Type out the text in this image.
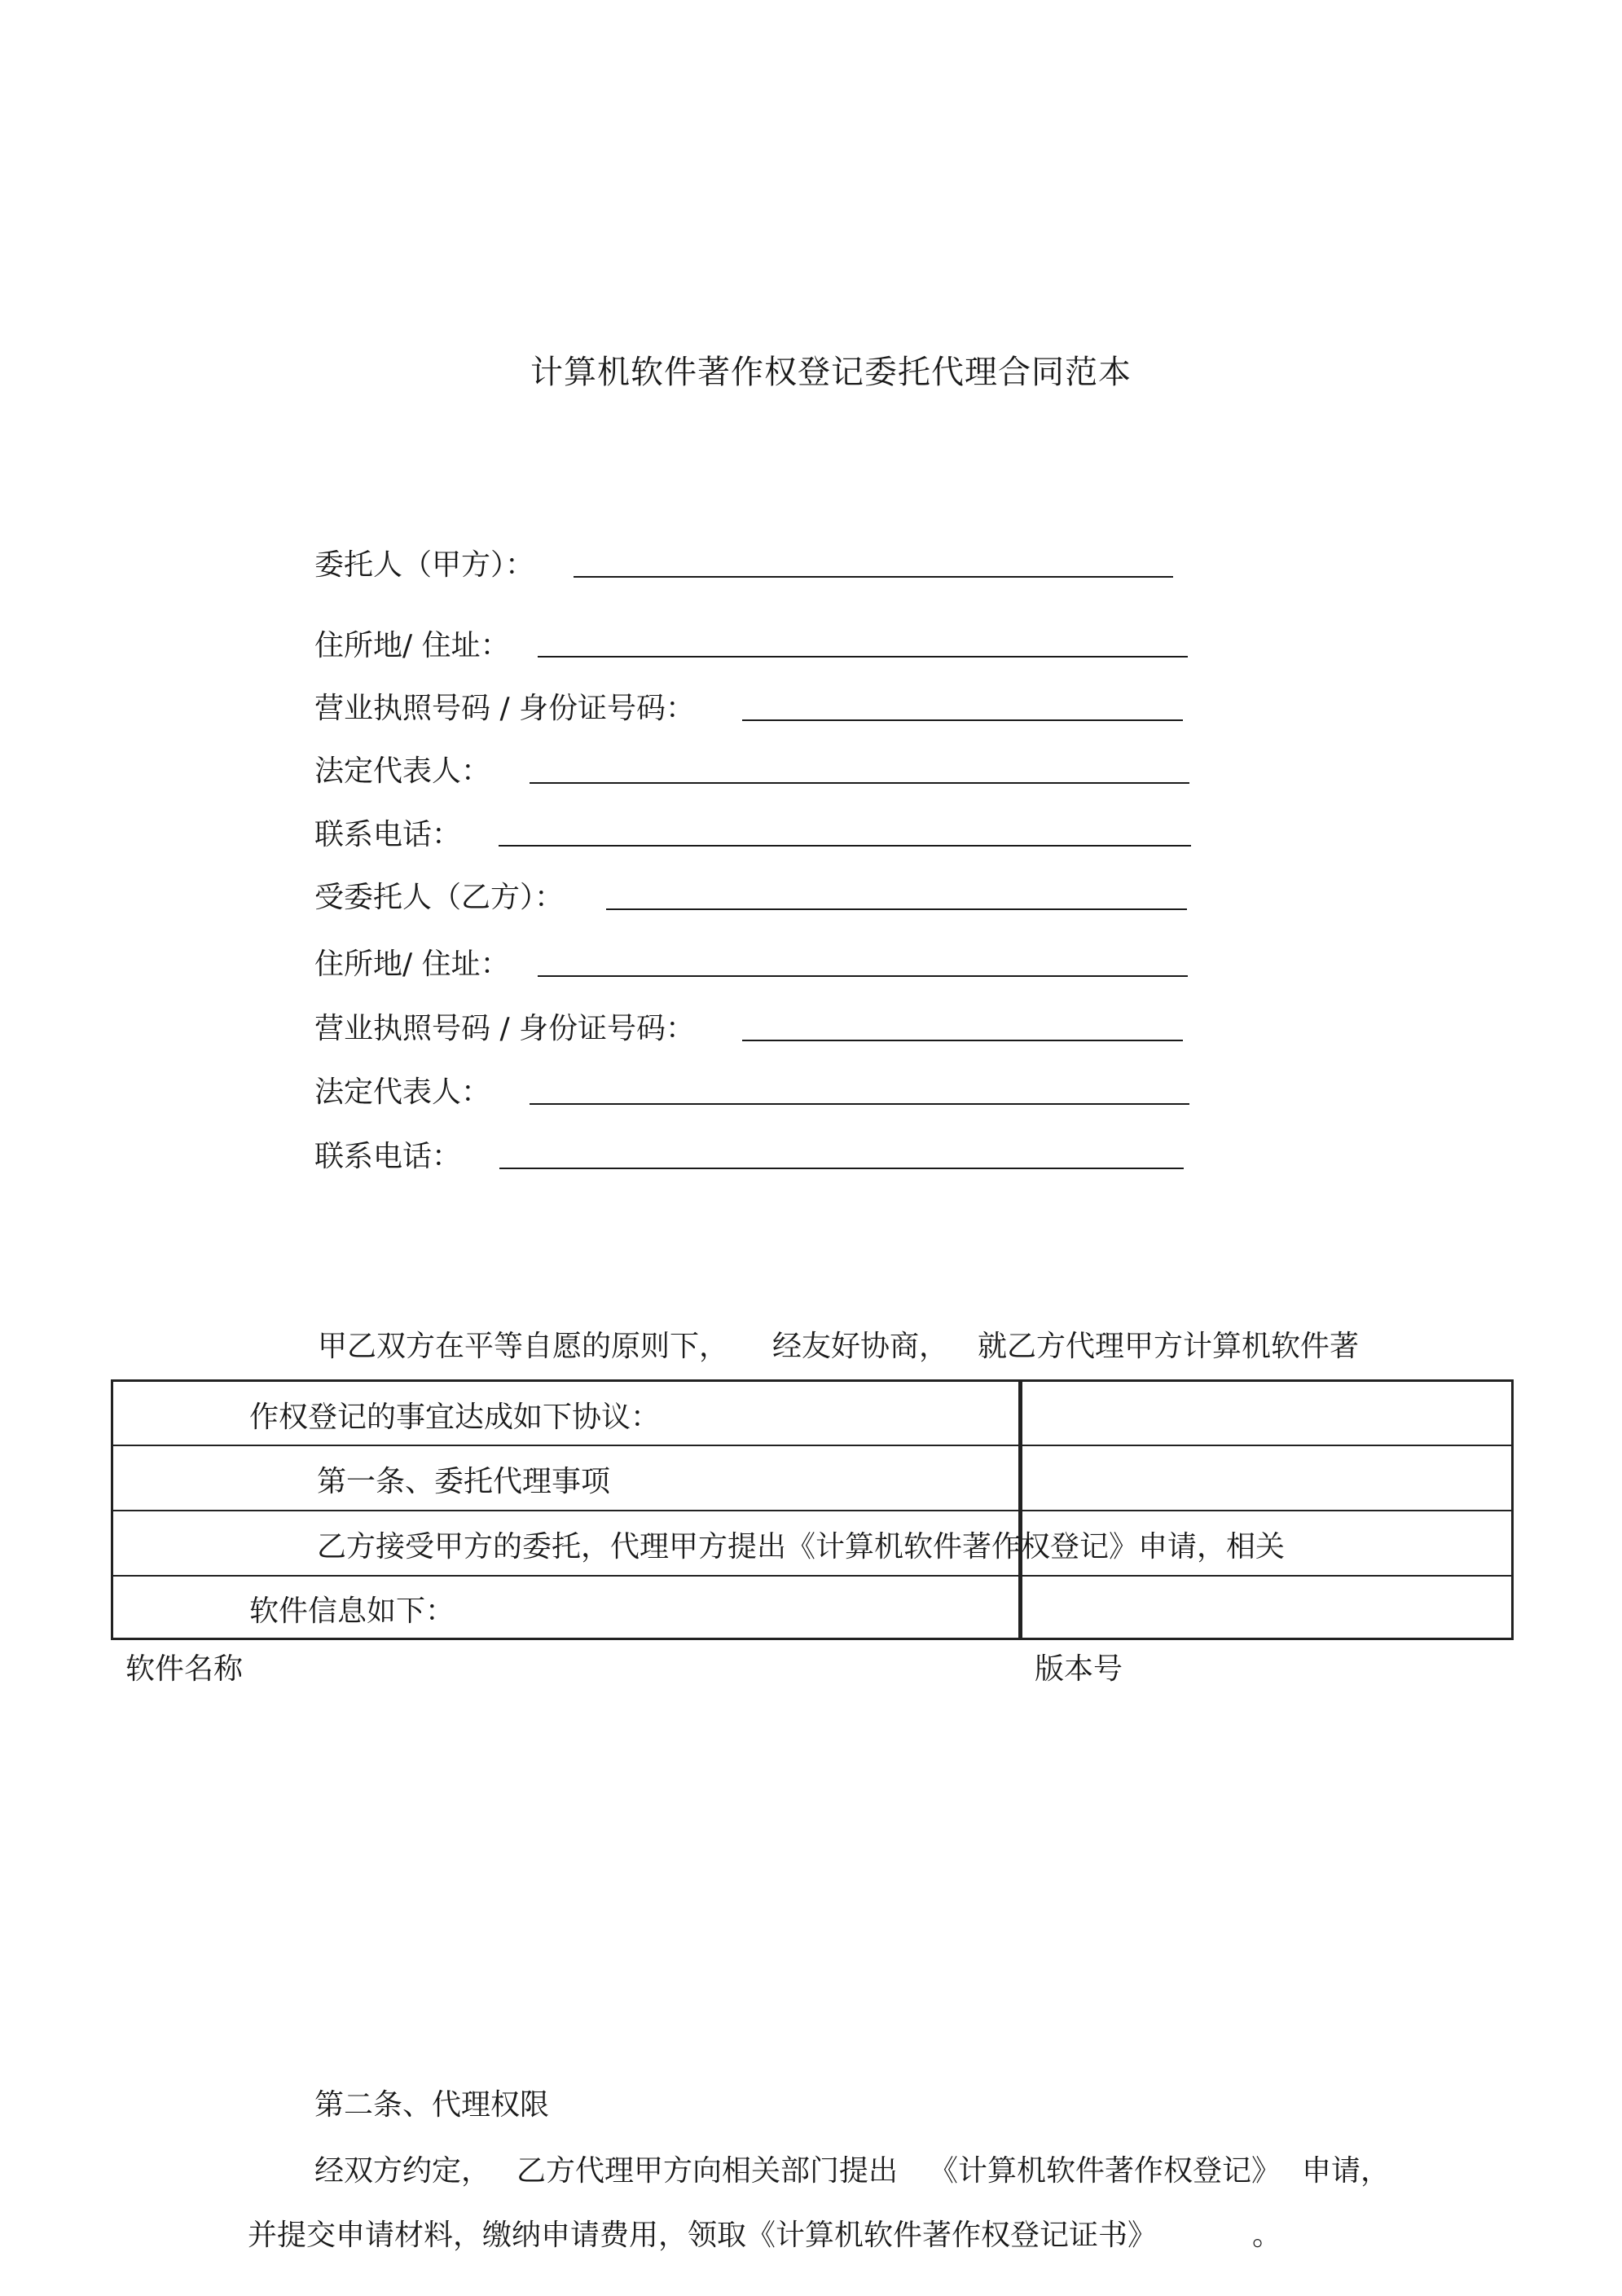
计算机软件著作权登记委托代理合同范本
委托人（甲方）：
住所地/ 住址：
营业执照号码 / 身份证号码：
法定代表人：
联系电话：
受委托人（乙方）：
住所地/ 住址：
营业执照号码 / 身份证号码：
法定代表人：
联系电话：
甲乙双方在平等自愿的原则下， 经友好协商， 就乙方代理甲方计算机软件著
作权登记的事宜达成如下协议：
第一条、委托代理事项
乙方接受甲方的委托，代理甲方提出《计算机软件著作权登记》申请，相关
软件信息如下：
软件名称	版本号
第二条、代理权限
经双方约定， 乙方代理甲方向相关部门提出 《计算机软件著作权登记》 申请，
并提交申请材料，缴纳申请费用，领取《计算机软件著作权登记证书》	。
